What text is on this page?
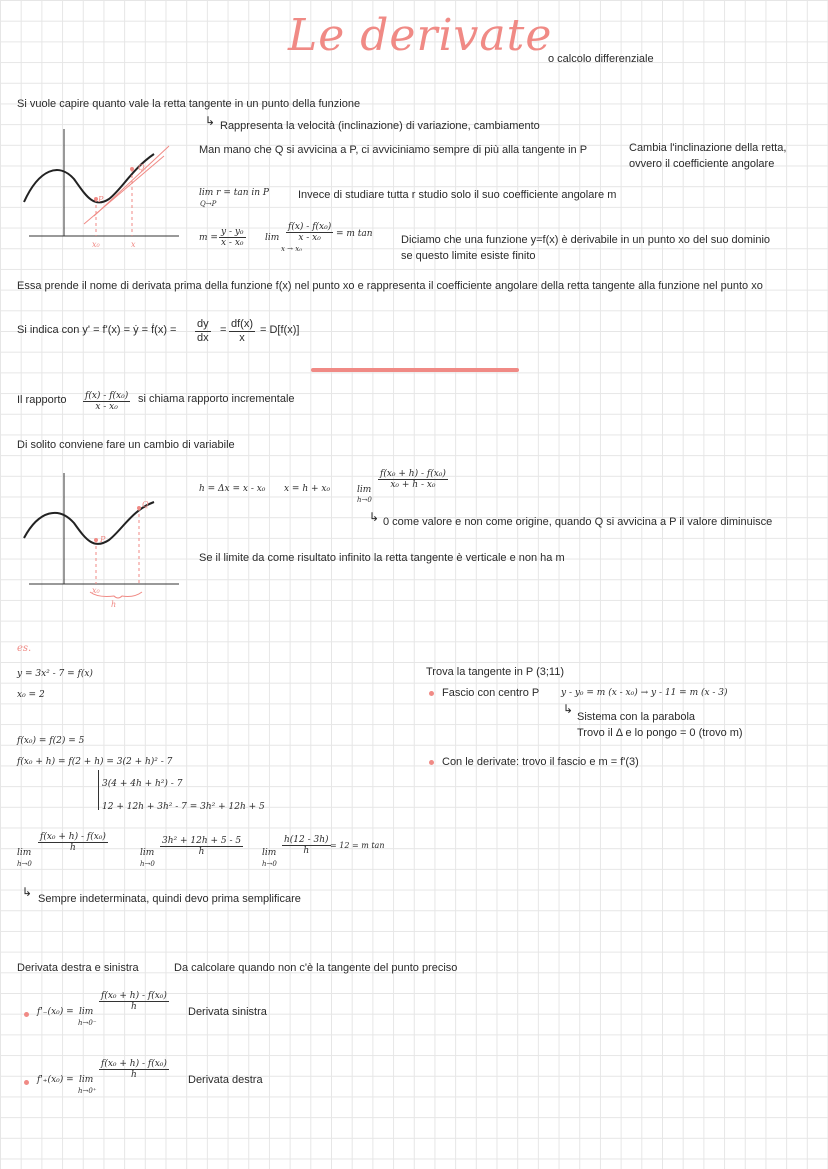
Le derivate
o calcolo differenziale
Si vuole capire quanto vale la retta tangente in un punto della funzione
↳ Rappresenta la velocità (inclinazione) di variazione, cambiamento
Man mano che Q si avvicina a P, ci avviciniamo sempre di più alla tangente in P	Cambia l'inclinazione della retta,
ovvero il coefficiente angolare
P
Q
x₀	x
lim r = tan in P
Q→P
Invece di studiare tutta r studio solo il suo coefficiente angolare m
$m = \frac{\text{y - y₀}}{\text{x - x₀}}$ lim
x → x₀
$\frac{\text{f(x) - f(x₀)}}{\text{x - x₀}} = m$ tan	Diciamo che una funzione y=f(x) è derivabile in un punto xo del suo dominio
se questo limite esiste finito
Essa prende il nome di derivata prima della funzione f(x) nel punto xo e rappresenta il coefficiente angolare della retta tangente alla funzione nel punto xo
Si indica con y' = f'(x) = ẏ = ḟ(x) = $\frac{dy}{dx} = \frac{df(x)}{x} = D[f(x)]$
Il rapporto $\frac{\text{f(x) - f(x₀)}}{\text{x - x₀}}$ si chiama rapporto incrementale
Di solito conviene fare un cambio di variabile
P
Q
x₀
h
h = Δx = x - x₀ x = h + x₀	lim
h→0
$\frac{\text{f(x₀ + h) - f(x₀)}}{\text{x₀ + h - x₀}}$
↳ 0 come valore e non come origine, quando Q si avvicina a P il valore diminuisce
Se il limite da come risultato infinito la retta tangente è verticale e non ha m
es.
y = 3x² - 7 = f(x)
x₀ = 2
f(x₀) = f(2) = 5
f(x₀ + h) = f(2 + h) = 3(2 + h)² - 7
3(4 + 4h + h²) - 7
12 + 12h + 3h² - 7 = 3h² + 12h + 5
lim
h→0
$\frac{\text{f(x₀ + h) - f(x₀)}}{h}$	lim
h→0
$\frac{\text{3h² + 12h + 5 - 5}}{h}$ lim
h→0
$\frac{h(12 - 3h)}{h} = 12 = m$ tan
↳ Sempre indeterminata, quindi devo prima semplificare
Trova la tangente in P (3;11)
Fascio con centro P y - y₀ = m (x - x₀) → y - 11 = m (x - 3)
↳
Sistema con la parabola
Trovo il Δ e lo pongo = 0 (trovo m)
Con le derivate: trovo il fascio e m = f'(3)
Derivata destra e sinistra	Da calcolare quando non c'è la tangente del punto preciso
f'₋(x₀) = lim
h→0⁻
$\frac{\text{f(x₀ + h) - f(x₀)}}{h}$ Derivata sinistra
f'₊(x₀) = lim
h→0⁺
$\frac{\text{f(x₀ + h) - f(x₀)}}{h}$ Derivata destra
